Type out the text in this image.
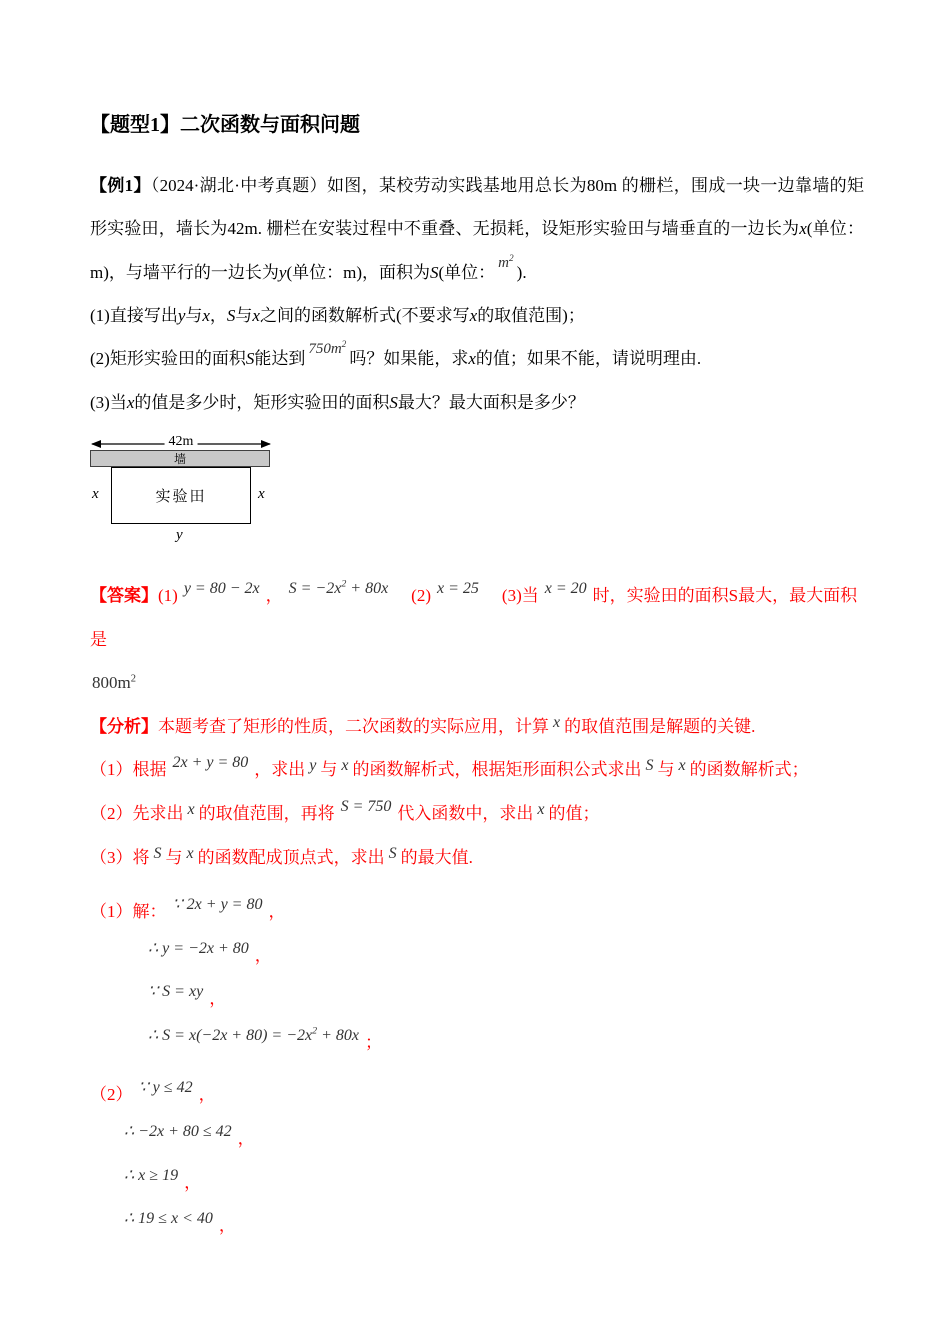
【题型1】二次函数与面积问题

【例1】（2024·湖北·中考真题）如图，某校劳动实践基地用总长为80m 的栅栏，围成一块一边靠墙的矩形实验田，墙长为42m. 栅栏在安装过程中不重叠、无损耗，设矩形实验田与墙垂直的一边长为x(单位：m)，与墙平行的一边长为y(单位：m)，面积为S(单位： $m^2$).

(1)直接写出y与x，S与x之间的函数解析式(不要求写x的取值范围)；

(2)矩形实验田的面积S能达到 $750m^2$吗？如果能，求x的值；如果不能，请说明理由.

(3)当x的值是多少时，矩形实验田的面积S最大？最大面积是多少？

42m
墙
实验田
x	x
y

【答案】(1) y = 80 − 2x ， $S = -2x^2 + 80x$　(2) x = 25　(3)当 x = 20 时，实验田的面积S最大，最大面积是

$800m^2$

【分析】本题考查了矩形的性质，二次函数的实际应用，计算 x 的取值范围是解题的关键.

（1）根据 2x + y = 80 ，求出 y 与 x 的函数解析式，根据矩形面积公式求出 S 与 x 的函数解析式；

（2）先求出 x 的取值范围，再将 S = 750 代入函数中，求出 x 的值；

（3）将 S 与 x 的函数配成顶点式，求出 S 的最大值.

（1）解： ∵ 2x + y = 80 ，

∴ y = −2x + 80 ，

∵ S = xy ，

∴ $S = x(-2x + 80) = -2x^2 + 80x$ ；

（2） ∵ y ≤ 42 ，

∴ −2x + 80 ≤ 42 ，

∴ x ≥ 19 ，

∴ 19 ≤ x < 40 ，
